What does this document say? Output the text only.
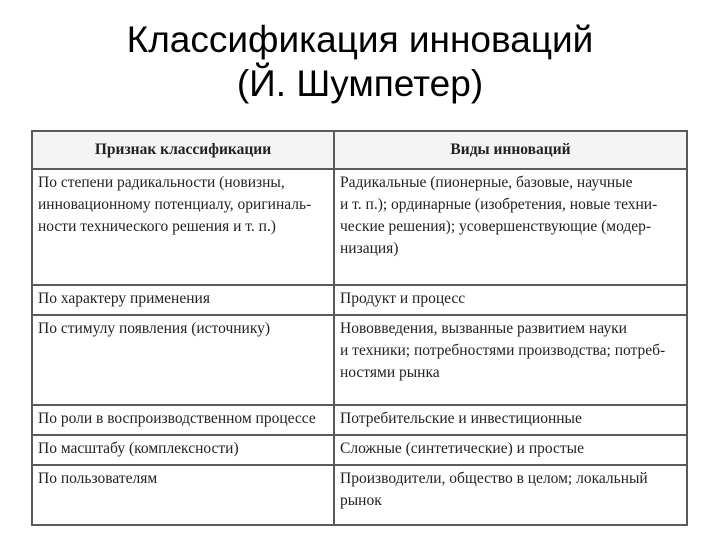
Классификация инноваций
(Й. Шумпетер)
Признак классификации	Виды инноваций

По степени радикальности (новизны,
инновационному потенциалу, оригиналь-
ности технического решения и т. п.)	Радикальные (пионерные, базовые, научные
и т. п.); ординарные (изобретения, новые техни-
ческие решения); усовершенствующие (модер-
низация)

По характеру применения	Продукт и процесс

По стимулу появления (источнику)	Нововведения, вызванные развитием науки
и техники; потребностями производства; потреб-
ностями рынка

По роли в воспроизводственном процессе	Потребительские и инвестиционные

По масштабу (комплексности)	Сложные (синтетические) и простые

По пользователям	Производители, общество в целом; локальный
рынок
